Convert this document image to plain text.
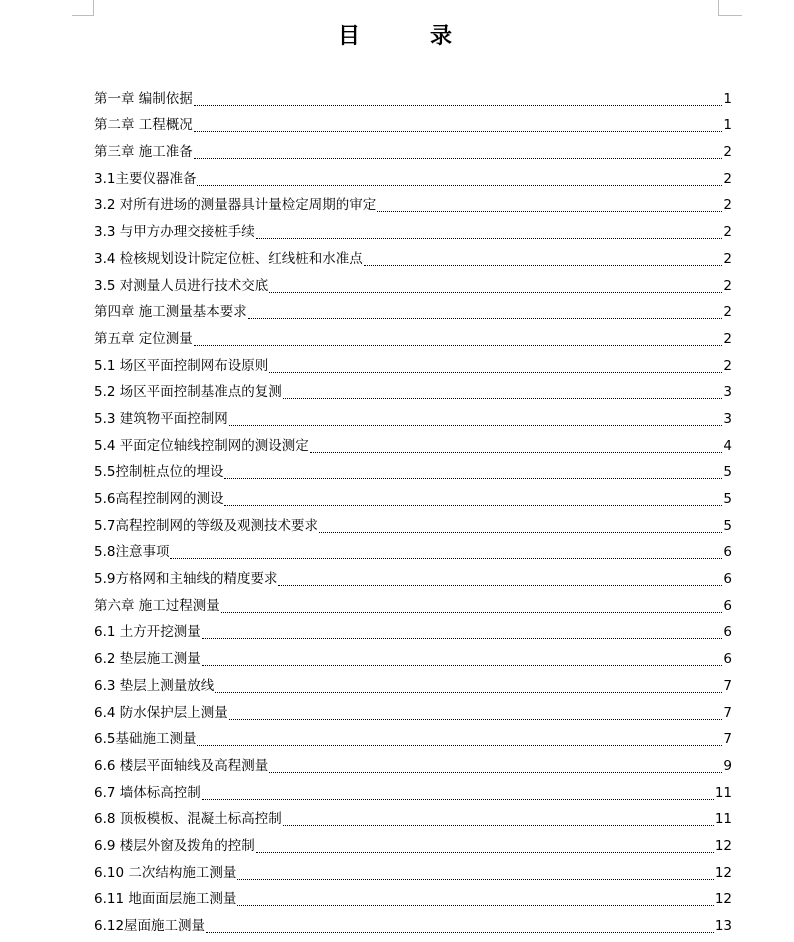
目　录
第一章 编制依据	1
第二章 工程概况	1
第三章 施工准备	2
3.1主要仪器准备	2
3.2 对所有进场的测量器具计量检定周期的审定	2
3.3 与甲方办理交接桩手续	2
3.4 检核规划设计院定位桩、红线桩和水准点	2
3.5 对测量人员进行技术交底	2
第四章 施工测量基本要求	2
第五章 定位测量	2
5.1 场区平面控制网布设原则	2
5.2 场区平面控制基准点的复测	3
5.3 建筑物平面控制网	3
5.4 平面定位轴线控制网的测设测定	4
5.5控制桩点位的埋设	5
5.6高程控制网的测设	5
5.7高程控制网的等级及观测技术要求	5
5.8注意事项	6
5.9方格网和主轴线的精度要求	6
第六章 施工过程测量	6
6.1 土方开挖测量	6
6.2 垫层施工测量	6
6.3 垫层上测量放线	7
6.4 防水保护层上测量	7
6.5基础施工测量	7
6.6 楼层平面轴线及高程测量	9
6.7 墙体标高控制	11
6.8 顶板模板、混凝土标高控制	11
6.9 楼层外窗及拨角的控制	12
6.10 二次结构施工测量	12
6.11 地面面层施工测量	12
6.12屋面施工测量	13
